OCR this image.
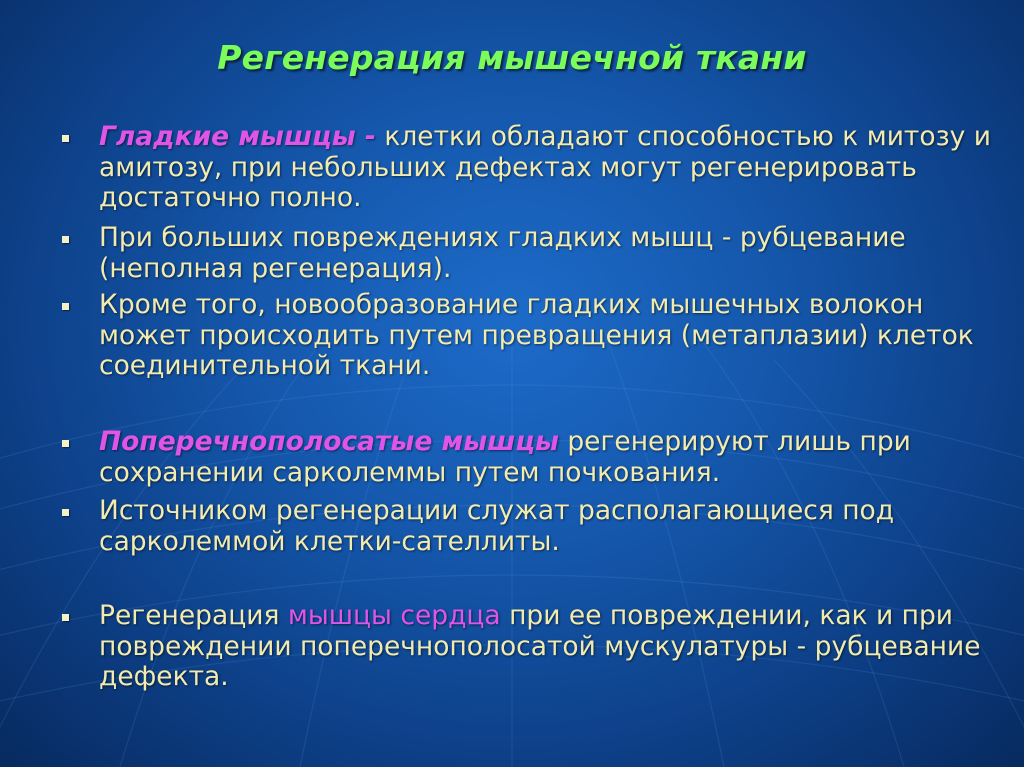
Регенерация мышечной ткани
Гладкие мышцы - клетки обладают способностью к митозу и амитозу, при небольших дефектах могут регенерировать достаточно полно.
При больших повреждениях гладких мышц - рубцевание (неполная регенерация).
Кроме того, новообразование гладких мышечных волокон может происходить путем превращения (метаплазии) клеток соединительной ткани.
Поперечнополосатые мышцы регенерируют лишь при сохранении сарколеммы путем почкования.
Источником регенерации служат располагающиеся под сарколеммой клетки-сателлиты.
Регенерация мышцы сердца при ее повреждении, как и при повреждении поперечнополосатой мускулатуры - рубцевание дефекта.
